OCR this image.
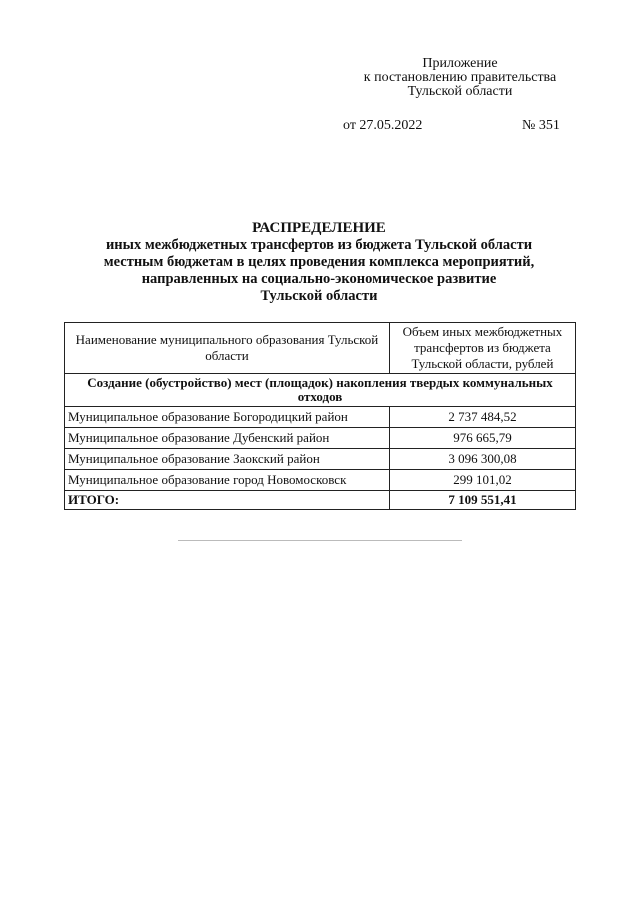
Приложение
к постановлению правительства
Тульской области
от 27.05.2022	№ 351
РАСПРЕДЕЛЕНИЕ
иных межбюджетных трансфертов из бюджета Тульской области
местным бюджетам в целях проведения комплекса мероприятий,
направленных на социально-экономическое развитие
Тульской области
Наименование муниципального образования Тульской области	Объем иных межбюджетных трансфертов из бюджета Тульской области, рублей
Создание (обустройство) мест (площадок) накопления твердых коммунальных отходов	
Муниципальное образование Богородицкий район	2 737 484,52
Муниципальное образование Дубенский район	976 665,79
Муниципальное образование Заокский район	3 096 300,08
Муниципальное образование город Новомосковск	299 101,02
ИТОГО:	7 109 551,41
